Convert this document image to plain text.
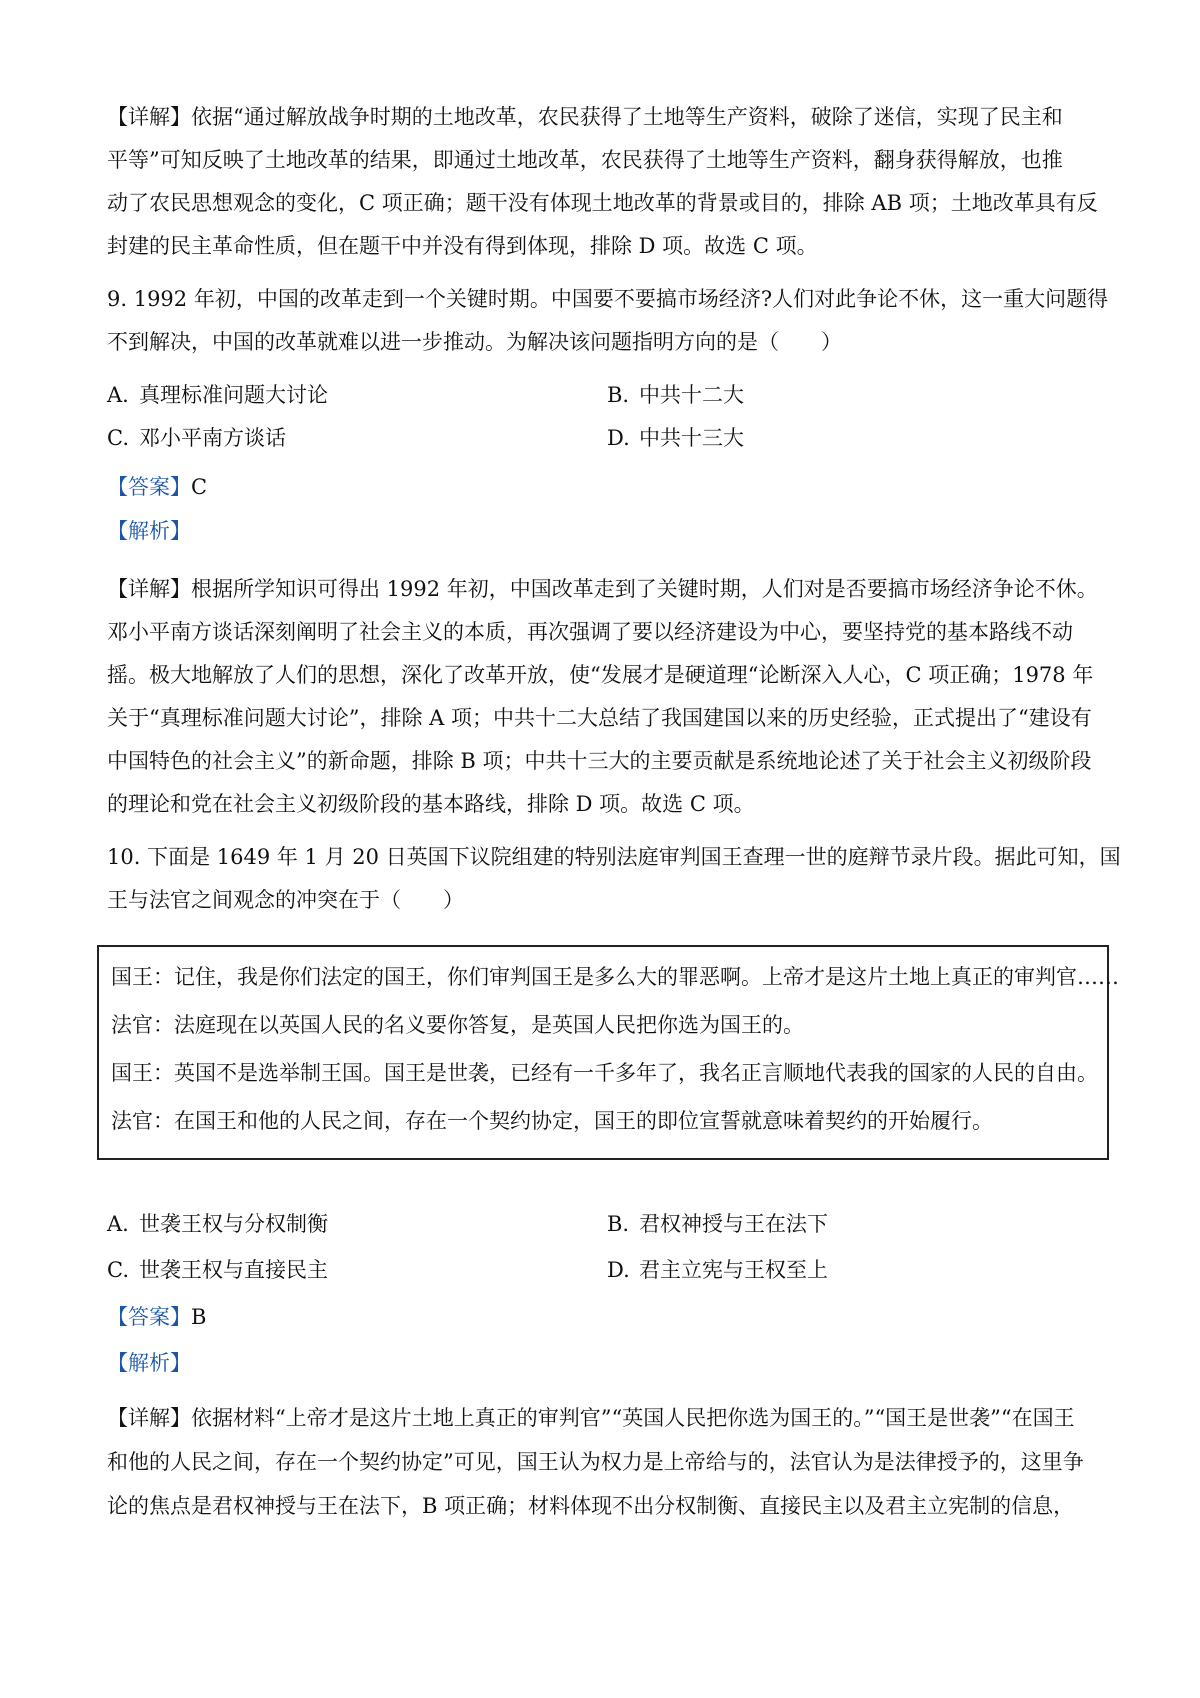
【详解】依据“通过解放战争时期的土地改革，农民获得了土地等生产资料，破除了迷信，实现了民主和

平等”可知反映了土地改革的结果，即通过土地改革，农民获得了土地等生产资料，翻身获得解放，也推

动了农民思想观念的变化，C 项正确；题干没有体现土地改革的背景或目的，排除 AB 项；土地改革具有反

封建的民主革命性质，但在题干中并没有得到体现，排除 D 项。故选 C 项。

9. 1992 年初，中国的改革走到一个关键时期。中国要不要搞市场经济?人们对此争论不休，这一重大问题得

不到解决，中国的改革就难以进一步推动。为解决该问题指明方向的是（　　）

A. 真理标准问题大讨论	B. 中共十二大
C. 邓小平南方谈话	D. 中共十三大

【答案】C

【解析】

【详解】根据所学知识可得出 1992 年初，中国改革走到了关键时期，人们对是否要搞市场经济争论不休。

邓小平南方谈话深刻阐明了社会主义的本质，再次强调了要以经济建设为中心，要坚持党的基本路线不动

摇。极大地解放了人们的思想，深化了改革开放，使“发展才是硬道理“论断深入人心，C 项正确；1978 年

关于“真理标准问题大讨论”，排除 A 项；中共十二大总结了我国建国以来的历史经验，正式提出了“建设有

中国特色的社会主义”的新命题，排除 B 项；中共十三大的主要贡献是系统地论述了关于社会主义初级阶段

的理论和党在社会主义初级阶段的基本路线，排除 D 项。故选 C 项。

10. 下面是 1649 年 1 月 20 日英国下议院组建的特别法庭审判国王查理一世的庭辩节录片段。据此可知，国

王与法官之间观念的冲突在于（　　）

国王：记住，我是你们法定的国王，你们审判国王是多么大的罪恶啊。上帝才是这片土地上真正的审判官……
法官：法庭现在以英国人民的名义要你答复，是英国人民把你选为国王的。
国王：英国不是选举制王国。国王是世袭，已经有一千多年了，我名正言顺地代表我的国家的人民的自由。
法官：在国王和他的人民之间，存在一个契约协定，国王的即位宣誓就意味着契约的开始履行。
A. 世袭王权与分权制衡	B. 君权神授与王在法下
C. 世袭王权与直接民主	D. 君主立宪与王权至上

【答案】B

【解析】

【详解】依据材料“上帝才是这片土地上真正的审判官”“英国人民把你选为国王的。”“国王是世袭”“在国王

和他的人民之间，存在一个契约协定”可见，国王认为权力是上帝给与的，法官认为是法律授予的，这里争

论的焦点是君权神授与王在法下，B 项正确；材料体现不出分权制衡、直接民主以及君主立宪制的信息，
